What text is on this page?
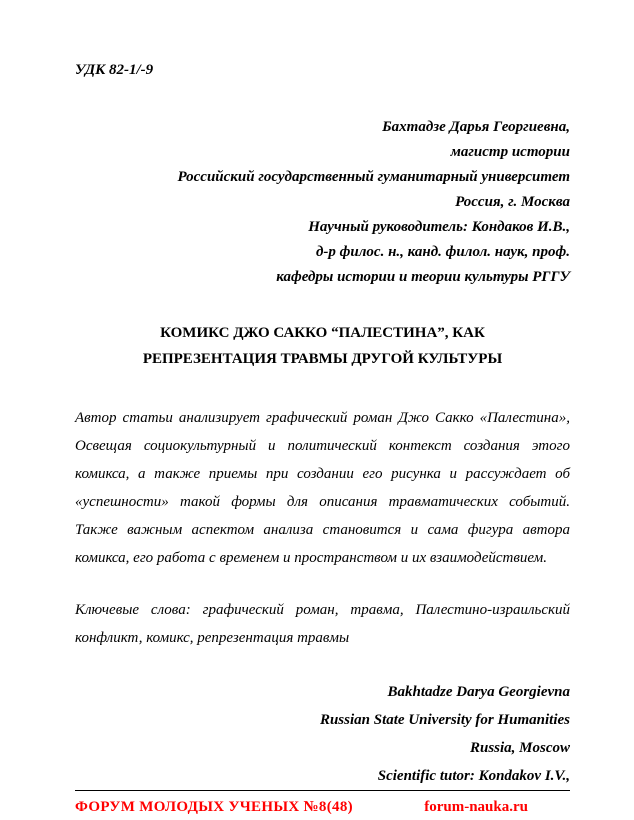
УДК 82-1/-9
Бахтадзе Дарья Георгиевна,
магистр истории
Российский государственный гуманитарный университет
Россия, г. Москва
Научный руководитель: Кондаков И.В.,
д-р филос. н., канд. филол. наук, проф.
кафедры истории и теории культуры РГГУ
КОМИКС ДЖО САККО “ПАЛЕСТИНА”, КАК РЕПРЕЗЕНТАЦИЯ ТРАВМЫ ДРУГОЙ КУЛЬТУРЫ

Автор статьи анализирует графический роман Джо Сакко «Палестина», Освещая социокультурный и политический контекст создания этого комикса, а также приемы при создании его рисунка и рассуждает об «успешности» такой формы для описания травматических событий. Также важным аспектом анализа становится и сама фигура автора комикса, его работа с временем и пространством и их взаимодействием.

Ключевые слова: графический роман, травма, Палестино-израильский конфликт, комикс, репрезентация травмы

Bakhtadze Darya Georgievna
Russian State University for Humanities
Russia, Moscow
Scientific tutor: Kondakov I.V.,
ФОРУМ МОЛОДЫХ УЧЕНЫХ №8(48)	forum-nauka.ru
